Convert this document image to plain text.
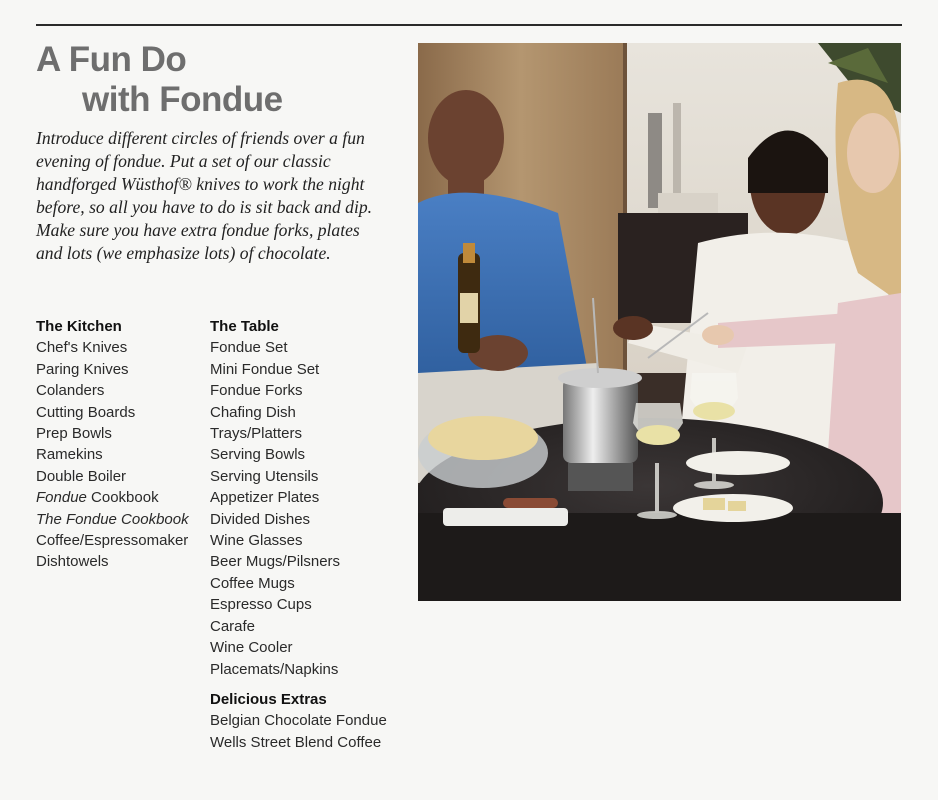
A Fun Do
with Fondue

Introduce different circles of friends over a fun evening of fondue. Put a set of our classic handforged Wüsthof® knives to work the night before, so all you have to do is sit back and dip. Make sure you have extra fondue forks, plates and lots (we emphasize lots) of chocolate.

The Kitchen
Chef's Knives
Paring Knives
Colanders
Cutting Boards
Prep Bowls
Ramekins
Double Boiler
Fondue Cookbook
The Fondue Cookbook
Coffee/Espressomaker
Dishtowels
The Table
Fondue Set
Mini Fondue Set
Fondue Forks
Chafing Dish
Trays/Platters
Serving Bowls
Serving Utensils
Appetizer Plates
Divided Dishes
Wine Glasses
Beer Mugs/Pilsners
Coffee Mugs
Espresso Cups
Carafe
Wine Cooler
Placemats/Napkins
Delicious Extras
Belgian Chocolate Fondue
Wells Street Blend Coffee
